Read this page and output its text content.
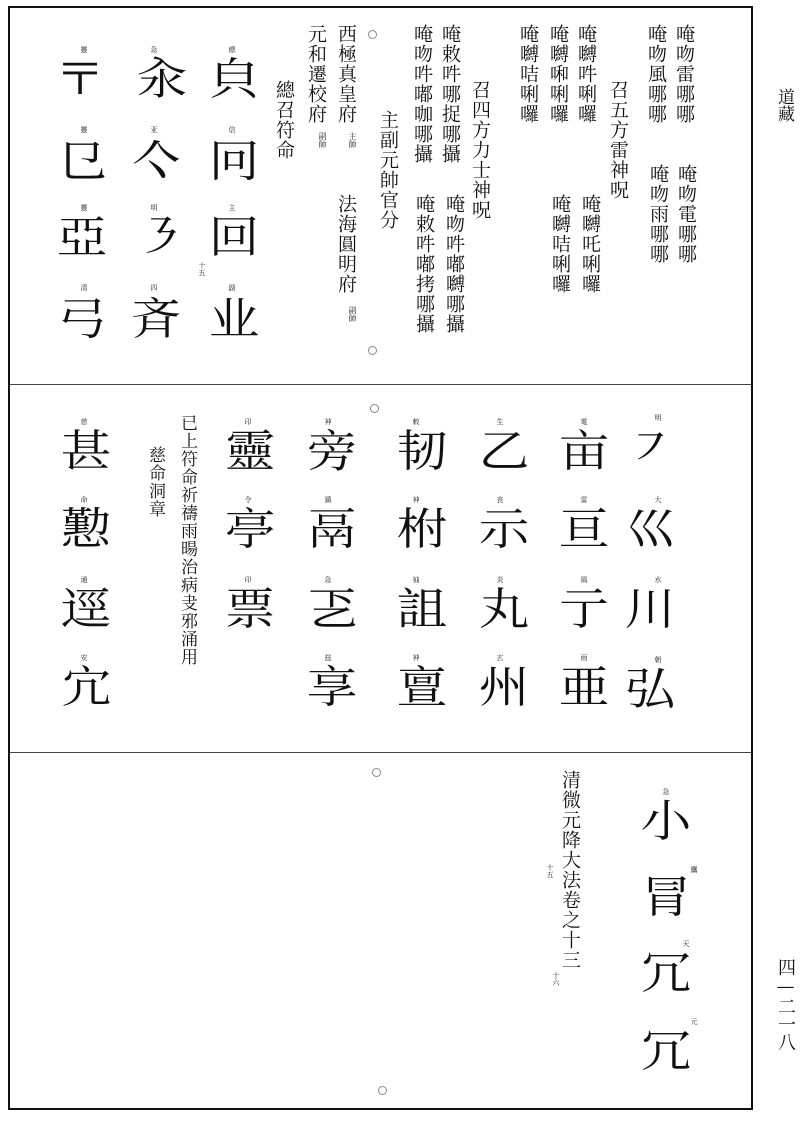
道藏
四—二一八
唵吻雷哪哪
唵吻風哪哪
召五方雷神呪
唵嚩吽唎囉
唵嚩啝唎囉
唵嚩咭唎囉
召四方力士神呪
唵敕吽哪捉哪攝
唵吻吽嘟咖哪攝
主副元帥官分
西極真皇府
元和遷校府
總召符命
唵吻電哪哪
唵吻雨哪哪
唵嚩吒唎囉
唵嚩咭唎囉
唵吻吽嘟嚩哪攝
唵敕吽嘟拷哪攝
法海圓明府
主帥
副帥
副帥
十五
〒
㔾
亞
弓
汆
亽
㇋
斉
㒵
冋
回
业
靈
靈
靈
清
急
亚
明
四
總
信
主
副
已上符命祈禱雨暘治病叏邪涌用
慈命洞章	㇇
巛
川
弘
亩
亘
亍
亜
乙
示
丸
州
韧
柎
詛
亶
旁
鬲
乤
享
靈
亭
票
甚
懃
逕
宂
明
大
水
朝
電
雷
風
雨
生
丧
炎
玄
敕
神
袖
神
神
鎮
急
玆
印
令
印
慈
命
通
安
清微元降大法卷之十三
十五
十六
小
冐
冗
冗
急
鷹
天
元
